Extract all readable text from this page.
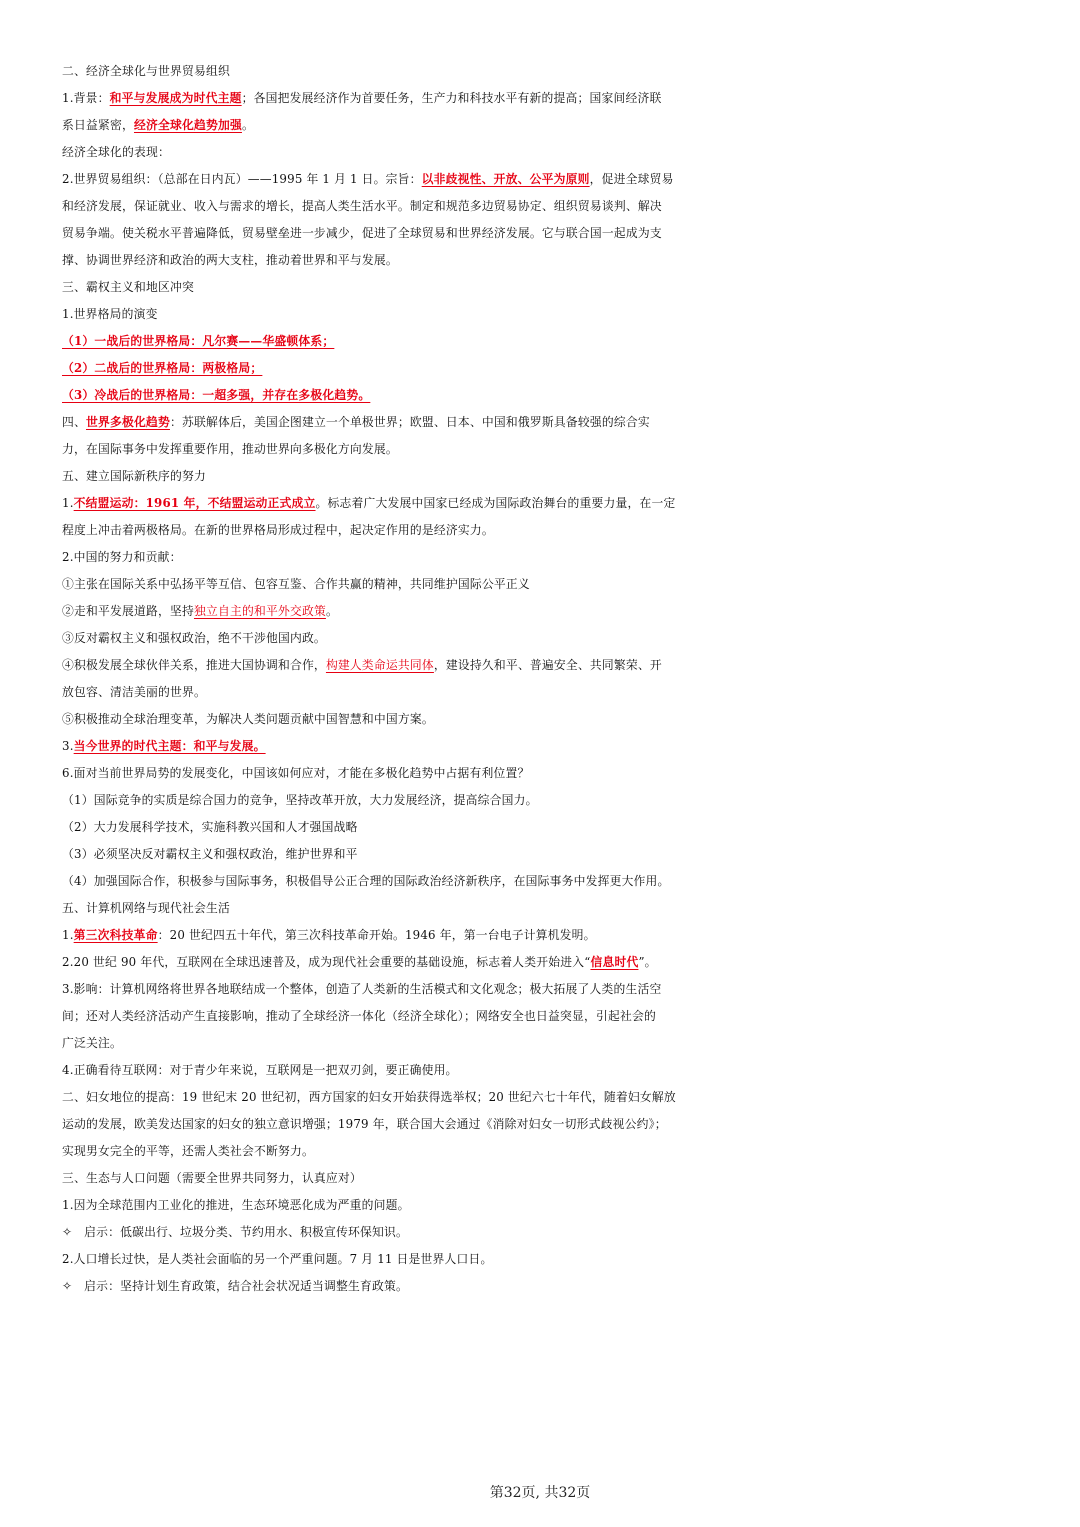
二、经济全球化与世界贸易组织
1.背景：和平与发展成为时代主题；各国把发展经济作为首要任务，生产力和科技水平有新的提高；国家间经济联
系日益紧密，经济全球化趋势加强。
经济全球化的表现：
2.世界贸易组织：（总部在日内瓦）——1995 年 1 月 1 日。宗旨：以非歧视性、开放、公平为原则，促进全球贸易
和经济发展，保证就业、收入与需求的增长，提高人类生活水平。制定和规范多边贸易协定、组织贸易谈判、解决
贸易争端。使关税水平普遍降低，贸易壁垒进一步减少，促进了全球贸易和世界经济发展。它与联合国一起成为支
撑、协调世界经济和政治的两大支柱，推动着世界和平与发展。
三、霸权主义和地区冲突
1.世界格局的演变
（1）一战后的世界格局：凡尔赛——华盛顿体系；
（2）二战后的世界格局：两极格局；
（3）冷战后的世界格局：一超多强，并存在多极化趋势。
四、世界多极化趋势：苏联解体后，美国企图建立一个单极世界；欧盟、日本、中国和俄罗斯具备较强的综合实
力，在国际事务中发挥重要作用，推动世界向多极化方向发展。
五、建立国际新秩序的努力
1.不结盟运动：1961 年，不结盟运动正式成立。标志着广大发展中国家已经成为国际政治舞台的重要力量，在一定
程度上冲击着两极格局。在新的世界格局形成过程中，起决定作用的是经济实力。
2.中国的努力和贡献：
①主张在国际关系中弘扬平等互信、包容互鉴、合作共赢的精神，共同维护国际公平正义
②走和平发展道路，坚持独立自主的和平外交政策。
③反对霸权主义和强权政治，绝不干涉他国内政。
④积极发展全球伙伴关系，推进大国协调和合作，构建人类命运共同体，建设持久和平、普遍安全、共同繁荣、开
放包容、清洁美丽的世界。
⑤积极推动全球治理变革，为解决人类问题贡献中国智慧和中国方案。
3.当今世界的时代主题：和平与发展。
6.面对当前世界局势的发展变化，中国该如何应对，才能在多极化趋势中占据有利位置？
（1）国际竞争的实质是综合国力的竞争，坚持改革开放，大力发展经济，提高综合国力。
（2）大力发展科学技术，实施科教兴国和人才强国战略
（3）必须坚决反对霸权主义和强权政治，维护世界和平
（4）加强国际合作，积极参与国际事务，积极倡导公正合理的国际政治经济新秩序，在国际事务中发挥更大作用。
五、计算机网络与现代社会生活
1.第三次科技革命：20 世纪四五十年代，第三次科技革命开始。1946 年，第一台电子计算机发明。
2.20 世纪 90 年代，互联网在全球迅速普及，成为现代社会重要的基础设施，标志着人类开始进入“信息时代”。
3.影响：计算机网络将世界各地联结成一个整体，创造了人类新的生活模式和文化观念；极大拓展了人类的生活空
间；还对人类经济活动产生直接影响，推动了全球经济一体化（经济全球化）；网络安全也日益突显，引起社会的
广泛关注。
4.正确看待互联网：对于青少年来说，互联网是一把双刃剑，要正确使用。
二、妇女地位的提高：19 世纪末 20 世纪初，西方国家的妇女开始获得选举权；20 世纪六七十年代，随着妇女解放
运动的发展，欧美发达国家的妇女的独立意识增强；1979 年，联合国大会通过《消除对妇女一切形式歧视公约》；
实现男女完全的平等，还需人类社会不断努力。
三、生态与人口问题（需要全世界共同努力，认真应对）
1.因为全球范围内工业化的推进，生态环境恶化成为严重的问题。
✧　启示：低碳出行、垃圾分类、节约用水、积极宣传环保知识。
2.人口增长过快，是人类社会面临的另一个严重问题。7 月 11 日是世界人口日。
✧　启示：坚持计划生育政策，结合社会状况适当调整生育政策。
第32页, 共32页
